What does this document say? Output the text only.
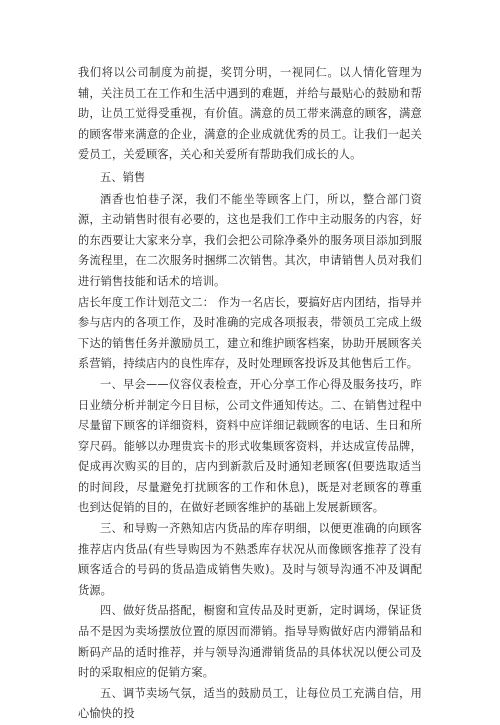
我们将以公司制度为前提，奖罚分明，一视同仁。以人情化管理为辅，关注员工在工作和生活中遇到的难题，并给与最贴心的鼓励和帮助，让员工觉得受重视，有价值。满意的员工带来满意的顾客，满意的顾客带来满意的企业，满意的企业成就优秀的员工。让我们一起关爱员工，关爱顾客，关心和关爱所有帮助我们成长的人。

五、销售

酒香也怕巷子深，我们不能坐等顾客上门，所以，整合部门资源，主动销售时很有必要的，这也是我们工作中主动服务的内容，好的东西要让大家来分享，我们会把公司除净桑外的服务项目添加到服务流程里，在二次服务时捆绑二次销售。其次，申请销售人员对我们进行销售技能和话术的培训。

店长年度工作计划范文二： 作为一名店长，要搞好店内团结，指导并参与店内的各项工作，及时准确的完成各项报表，带领员工完成上级下达的销售任务并激励员工，建立和维护顾客档案，协助开展顾客关系营销，持续店内的良性库存，及时处理顾客投诉及其他售后工作。

一、早会——仪容仪表检查，开心分享工作心得及服务技巧，昨日业绩分析并制定今日目标，公司文件通知传达。二、在销售过程中尽量留下顾客的详细资料，资料中应详细记载顾客的电话、生日和所穿尺码。能够以办理贵宾卡的形式收集顾客资料，并达成宣传品牌，促成再次购买的目的，店内到新款后及时通知老顾客(但要选取适当的时间段，尽量避免打扰顾客的工作和休息)，既是对老顾客的尊重也到达促销的目的，在做好老顾客维护的基础上发展新顾客。

三、和导购一齐熟知店内货品的库存明细，以便更准确的向顾客推荐店内货品(有些导购因为不熟悉库存状况从而像顾客推荐了没有顾客适合的号码的货品造成销售失败)。及时与领导沟通不冲及调配货源。

四、做好货品搭配，橱窗和宣传品及时更新，定时调场，保证货品不是因为卖场摆放位置的原因而滞销。指导导购做好店内滞销品和断码产品的适时推荐，并与领导沟通滞销货品的具体状况以便公司及时的采取相应的促销方案。

五、调节卖场气氛，适当的鼓励员工，让每位员工充满自信，用心愉快的投
